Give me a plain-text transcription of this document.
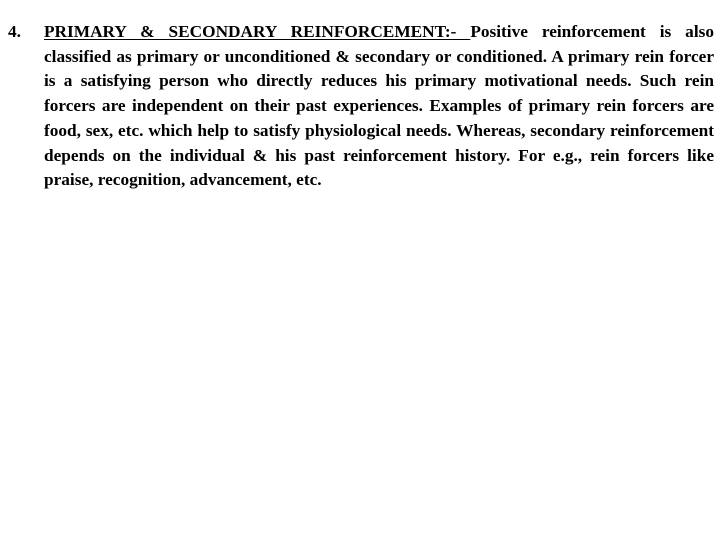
4. PRIMARY & SECONDARY REINFORCEMENT:- Positive reinforcement is also classified as primary or unconditioned & secondary or conditioned. A primary rein forcer is a satisfying person who directly reduces his primary motivational needs. Such rein forcers are independent on their past experiences. Examples of primary rein forcers are food, sex, etc. which help to satisfy physiological needs. Whereas, secondary reinforcement depends on the individual & his past reinforcement history. For e.g., rein forcers like praise, recognition, advancement, etc.
